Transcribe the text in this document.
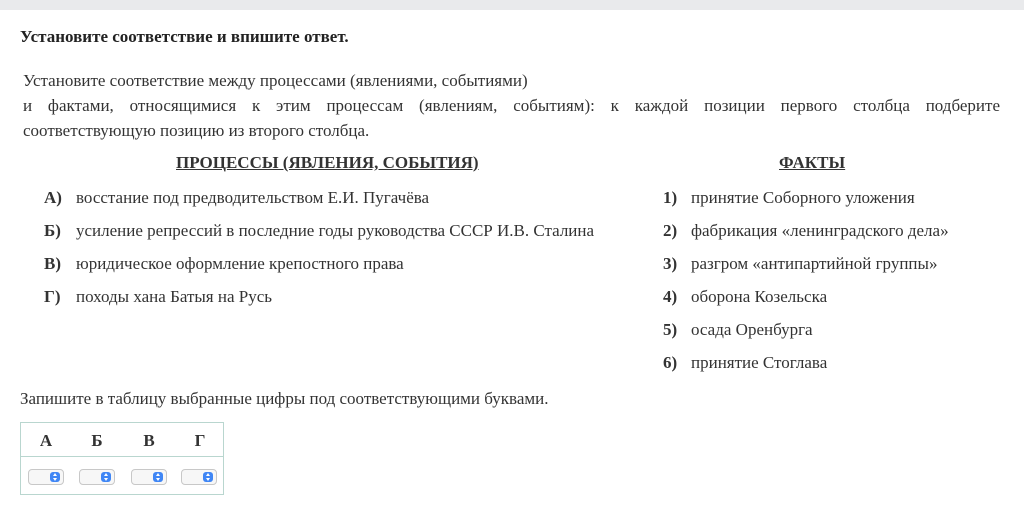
Установите соответствие и впишите ответ.
Установите соответствие между процессами (явлениями, событиями)
и фактами, относящимися к этим процессам (явлениям, событиям): к каждой позиции первого столбца подберите
соответствующую позицию из второго столбца.
ПРОЦЕССЫ (ЯВЛЕНИЯ, СОБЫТИЯ)	ФАКТЫ
А) восстание под предводительством Е.И. Пугачёва
Б) усиление репрессий в последние годы руководства СССР И.В. Сталина
В) юридическое оформление крепостного права
Г) походы хана Батыя на Русь
1) принятие Соборного уложения
2) фабрикация «ленинградского дела»
3) разгром «антипартийной группы»
4) оборона Козельска
5) осада Оренбурга
6) принятие Стоглава
Запишите в таблицу выбранные цифры под соответствующими буквами.
А	Б	В	Г
